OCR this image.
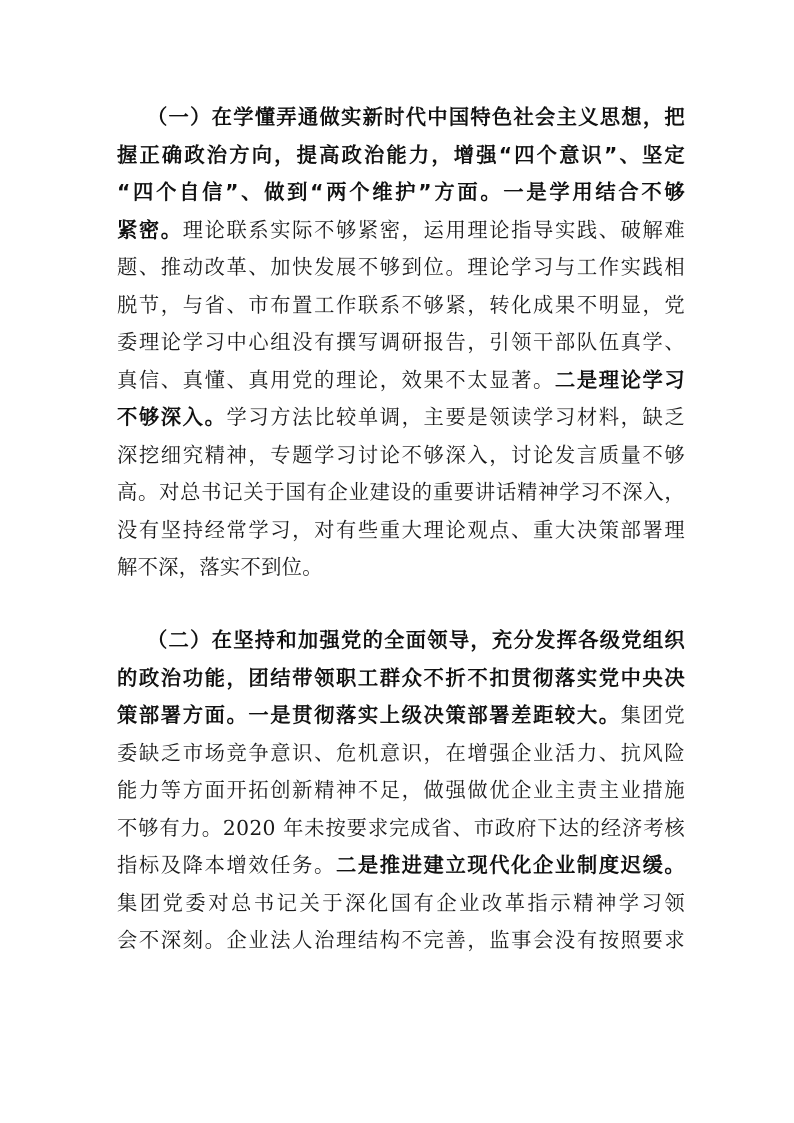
（一）在学懂弄通做实新时代中国特色社会主义思想，把
握正确政治方向，提高政治能力，增强“四个意识”、坚定
“四个自信”、做到“两个维护”方面。一是学用结合不够
紧密。理论联系实际不够紧密，运用理论指导实践、破解难
题、推动改革、加快发展不够到位。理论学习与工作实践相
脱节，与省、市布置工作联系不够紧，转化成果不明显，党
委理论学习中心组没有撰写调研报告，引领干部队伍真学、
真信、真懂、真用党的理论，效果不太显著。二是理论学习
不够深入。学习方法比较单调，主要是领读学习材料，缺乏
深挖细究精神，专题学习讨论不够深入，讨论发言质量不够
高。对总书记关于国有企业建设的重要讲话精神学习不深入，
没有坚持经常学习，对有些重大理论观点、重大决策部署理
解不深，落实不到位。
（二）在坚持和加强党的全面领导，充分发挥各级党组织
的政治功能，团结带领职工群众不折不扣贯彻落实党中央决
策部署方面。一是贯彻落实上级决策部署差距较大。集团党
委缺乏市场竞争意识、危机意识，在增强企业活力、抗风险
能力等方面开拓创新精神不足，做强做优企业主责主业措施
不够有力。2020 年未按要求完成省、市政府下达的经济考核
指标及降本增效任务。二是推进建立现代化企业制度迟缓。
集团党委对总书记关于深化国有企业改革指示精神学习领
会不深刻。企业法人治理结构不完善，监事会没有按照要求
